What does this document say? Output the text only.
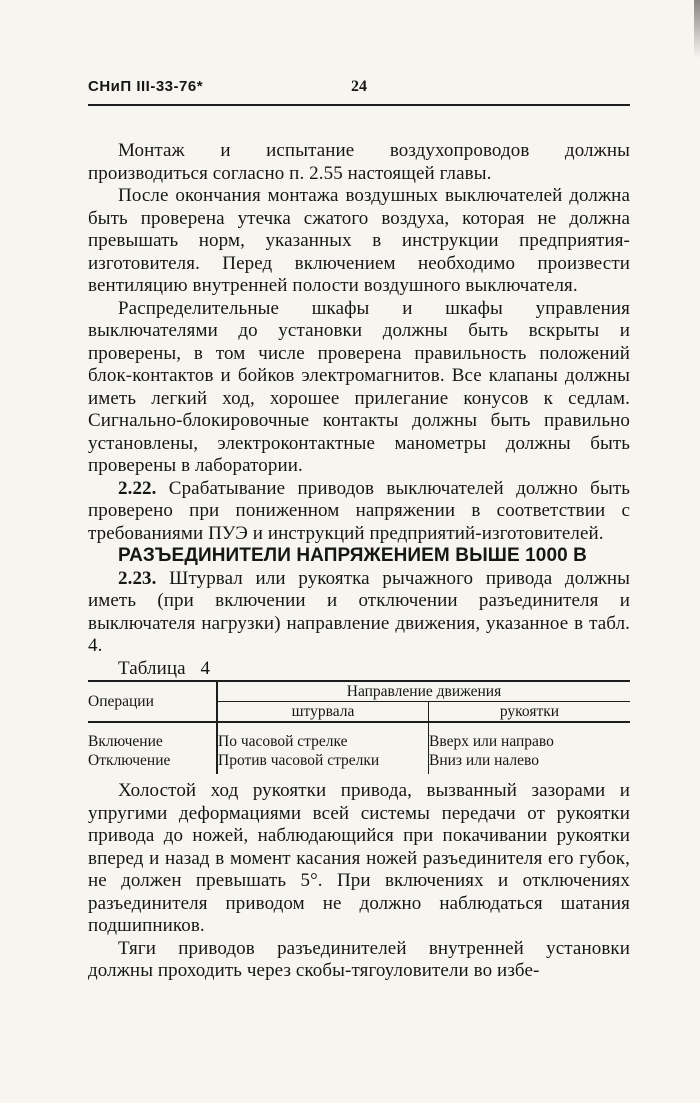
СНиП III-33-76*	24

Монтаж и испытание воздухопроводов должны производиться согласно п. 2.55 настоящей главы.

После окончания монтажа воздушных выключателей должна быть проверена утечка сжатого воздуха, которая не должна превышать норм, указанных в инструкции предприятия-изготовителя. Перед включением необходимо произвести вентиляцию внутренней полости воздушного выключателя.

Распределительные шкафы и шкафы управления выключателями до установки должны быть вскрыты и проверены, в том числе проверена правильность положений блок-контактов и бойков электромагнитов. Все клапаны должны иметь легкий ход, хорошее прилегание конусов к седлам. Сигнально-блокировочные контакты должны быть правильно установлены, электроконтактные манометры должны быть проверены в лаборатории.

2.22. Срабатывание приводов выключателей должно быть проверено при пониженном напряжении в соответствии с требованиями ПУЭ и инструкций предприятий-изготовителей.

РАЗЪЕДИНИТЕЛИ НАПРЯЖЕНИЕМ ВЫШЕ 1000 В

2.23. Штурвал или рукоятка рычажного привода должны иметь (при включении и отключении разъединителя и выключателя нагрузки) направление движения, указанное в табл. 4.

Таблица 4

Операции	Направление движения	
	штурвала	рукоятки
Включение	По часовой стрелке	Вверх или направо
Отключение	Против часовой стрелки	Вниз или налево

Холостой ход рукоятки привода, вызванный зазорами и упругими деформациями всей системы передачи от рукоятки привода до ножей, наблюдающийся при покачивании рукоятки вперед и назад в момент касания ножей разъединителя его губок, не должен превышать 5°. При включениях и отключениях разъединителя приводом не должно наблюдаться шатания подшипников.

Тяги приводов разъединителей внутренней установки должны проходить через скобы-тягоуловители во избе-
